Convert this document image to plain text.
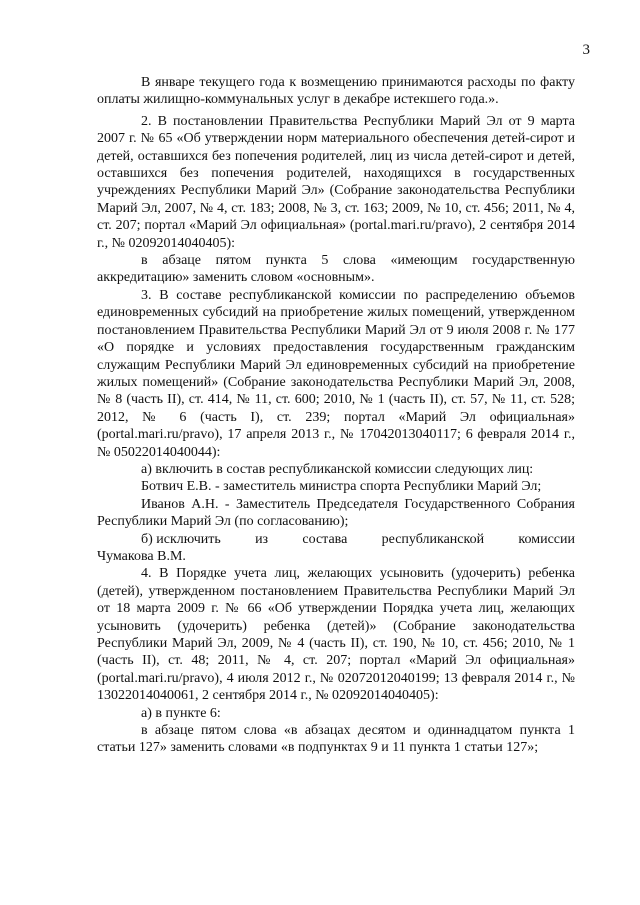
3

В январе текущего года к возмещению принимаются расходы по факту оплаты жилищно-коммунальных услуг в декабре истекшего года.».

2. В постановлении Правительства Республики Марий Эл от 9 марта 2007 г. № 65 «Об утверждении норм материального обеспечения детей-сирот и детей, оставшихся без попечения родителей, лиц из числа детей-сирот и детей, оставшихся без попечения родителей, находящихся в государственных учреждениях Республики Марий Эл» (Собрание законодательства Республики Марий Эл, 2007, № 4, ст. 183; 2008, № 3, ст. 163; 2009, № 10, ст. 456; 2011, № 4, ст. 207; портал «Марий Эл официальная» (portal.mari.ru/pravo), 2 сентября 2014 г., № 02092014040405):

в абзаце пятом пункта 5 слова «имеющим государственную аккредитацию» заменить словом «основным».

3. В составе республиканской комиссии по распределению объемов единовременных субсидий на приобретение жилых помещений, утвержденном постановлением Правительства Республики Марий Эл от 9 июля 2008 г. № 177 «О порядке и условиях предоставления государственным гражданским служащим Республики Марий Эл единовременных субсидий на приобретение жилых помещений» (Собрание законодательства Республики Марий Эл, 2008, № 8 (часть II), ст. 414, № 11, ст. 600; 2010, № 1 (часть II), ст. 57, № 11, ст. 528; 2012, № 6 (часть I), ст. 239; портал «Марий Эл официальная» (portal.mari.ru/pravo), 17 апреля 2013 г., № 17042013040117; 6 февраля 2014 г., № 05022014040044):

а) включить в состав республиканской комиссии следующих лиц:

Ботвич Е.В. - заместитель министра спорта Республики Марий Эл;

Иванов А.Н. - Заместитель Председателя Государственного Собрания Республики Марий Эл (по согласованию);

б) исключить из состава республиканской комиссии

Чумакова В.М.

4. В Порядке учета лиц, желающих усыновить (удочерить) ребенка (детей), утвержденном постановлением Правительства Республики Марий Эл от 18 марта 2009 г. № 66 «Об утверждении Порядка учета лиц, желающих усыновить (удочерить) ребенка (детей)» (Собрание законодательства Республики Марий Эл, 2009, № 4 (часть II), ст. 190, № 10, ст. 456; 2010, № 1 (часть II), ст. 48; 2011, № 4, ст. 207; портал «Марий Эл официальная» (portal.mari.ru/pravo), 4 июля 2012 г., № 02072012040199; 13 февраля 2014 г., № 13022014040061, 2 сентября 2014 г., № 02092014040405):

а) в пункте 6:

в абзаце пятом слова «в абзацах десятом и одиннадцатом пункта 1 статьи 127» заменить словами «в подпунктах 9 и 11 пункта 1 статьи 127»;
